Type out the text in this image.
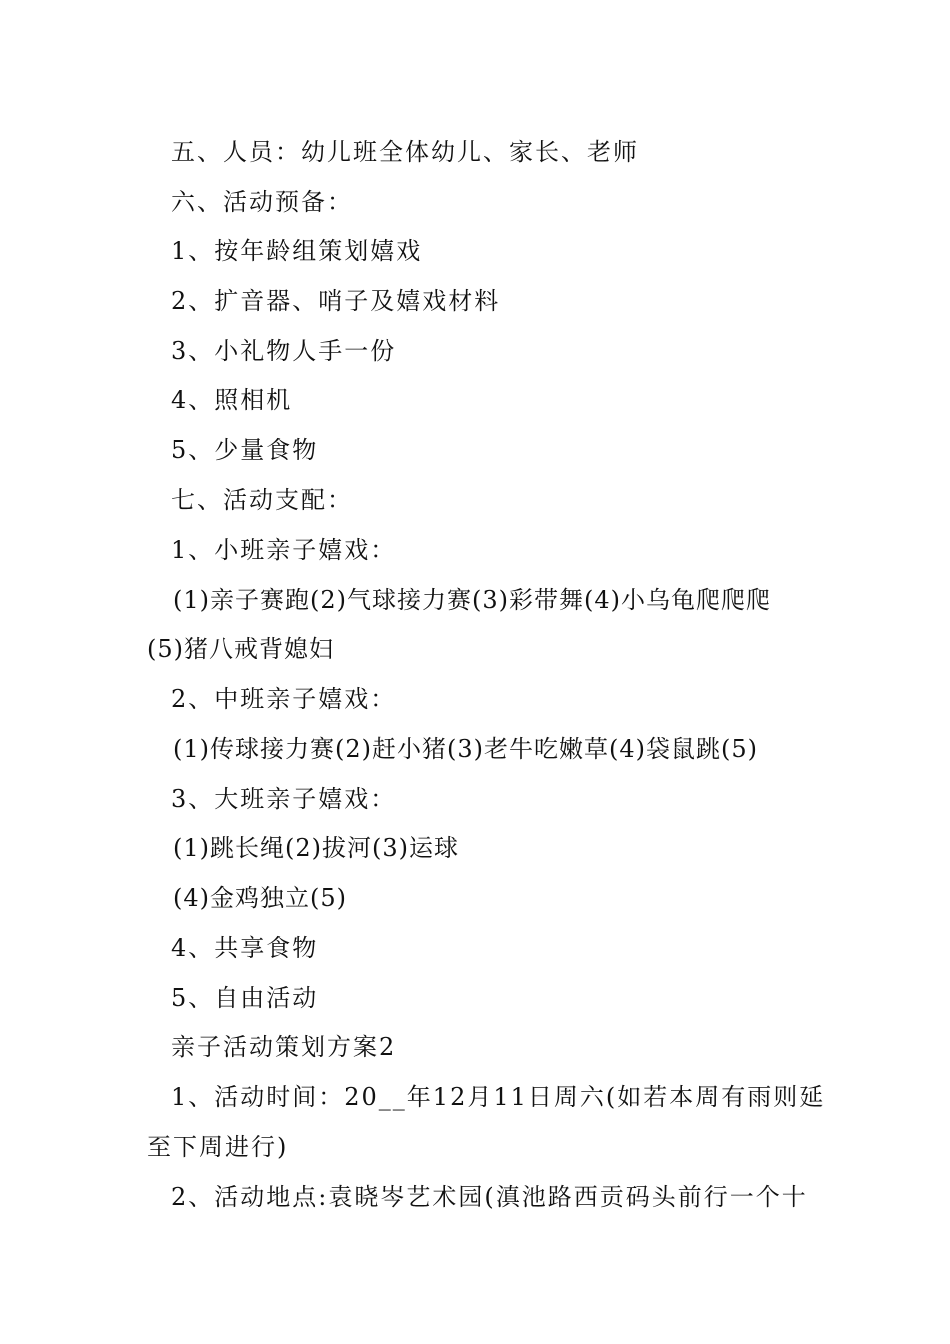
五、人员：幼儿班全体幼儿、家长、老师
六、活动预备：
1、按年龄组策划嬉戏
2、扩音器、哨子及嬉戏材料
3、小礼物人手一份
4、照相机
5、少量食物
七、活动支配：
1、小班亲子嬉戏：
(1)亲子赛跑(2)气球接力赛(3)彩带舞(4)小乌龟爬爬爬
(5)猪八戒背媳妇
2、中班亲子嬉戏：
(1)传球接力赛(2)赶小猪(3)老牛吃嫩草(4)袋鼠跳(5)
3、大班亲子嬉戏：
(1)跳长绳(2)拔河(3)运球
(4)金鸡独立(5)
4、共享食物
5、自由活动
亲子活动策划方案2
1、活动时间：20__年12月11日周六(如若本周有雨则延
至下周进行)
2、活动地点:袁晓岑艺术园(滇池路西贡码头前行一个十
